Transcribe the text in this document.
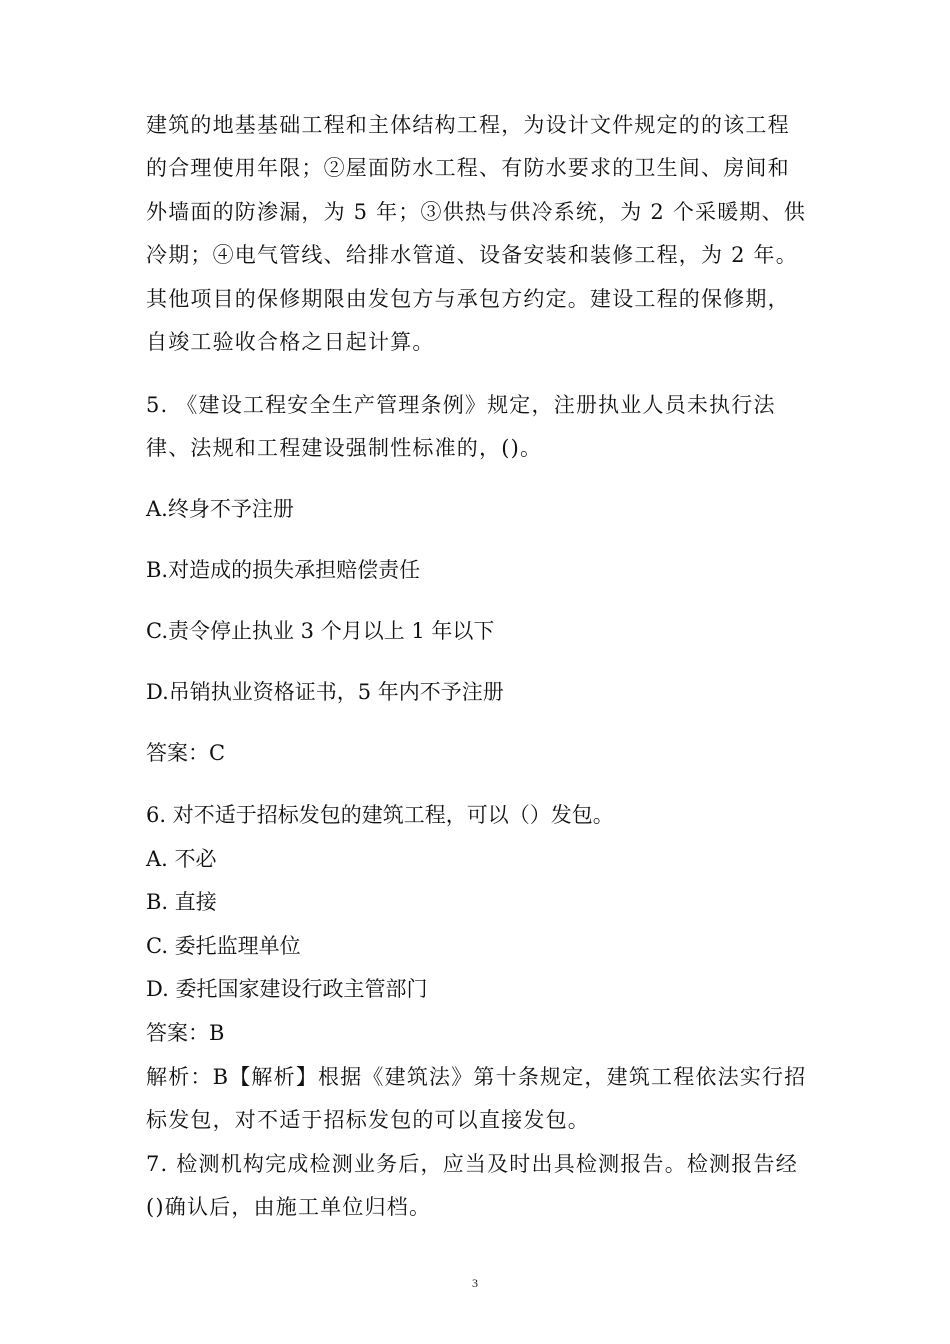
建筑的地基基础工程和主体结构工程，为设计文件规定的的该工程
的合理使用年限；②屋面防水工程、有防水要求的卫生间、房间和
外墙面的防渗漏，为 5 年；③供热与供冷系统，为 2 个采暖期、供
冷期；④电气管线、给排水管道、设备安装和装修工程，为 2 年。
其他项目的保修期限由发包方与承包方约定。建设工程的保修期，
自竣工验收合格之日起计算。
5. 《建设工程安全生产管理条例》规定，注册执业人员未执行法
律、法规和工程建设强制性标准的，()。
A.终身不予注册
B.对造成的损失承担赔偿责任
C.责令停止执业 3 个月以上 1 年以下
D.吊销执业资格证书，5 年内不予注册
答案：C
6. 对不适于招标发包的建筑工程，可以（）发包。
A. 不必
B. 直接
C. 委托监理单位
D. 委托国家建设行政主管部门
答案：B
解析：B【解析】根据《建筑法》第十条规定，建筑工程依法实行招
标发包，对不适于招标发包的可以直接发包。
7. 检测机构完成检测业务后，应当及时出具检测报告。检测报告经
()确认后，由施工单位归档。
3
